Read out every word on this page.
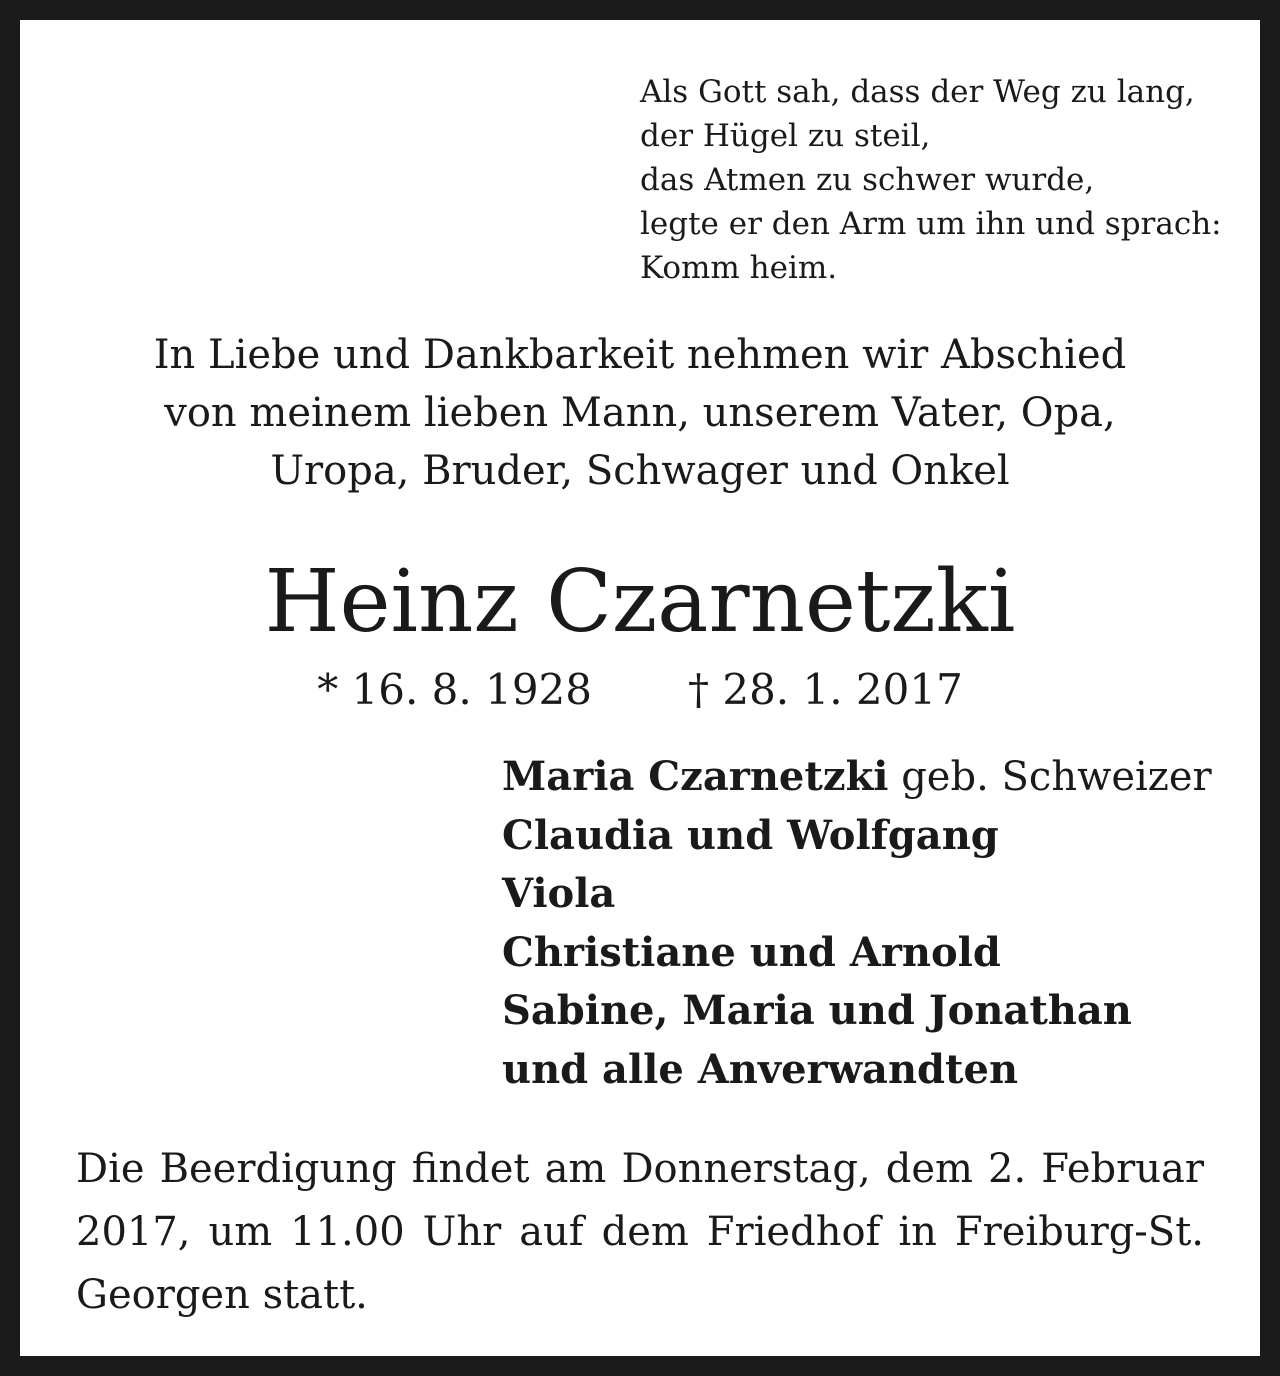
Als Gott sah, dass der Weg zu lang,
der Hügel zu steil,
das Atmen zu schwer wurde,
legte er den Arm um ihn und sprach:
Komm heim.
In Liebe und Dankbarkeit nehmen wir Abschied
von meinem lieben Mann, unserem Vater, Opa,
Uropa, Bruder, Schwager und Onkel
Heinz Czarnetzki
* 16. 8. 1928 † 28. 1. 2017
Maria Czarnetzki geb. Schweizer
Claudia und Wolfgang
Viola
Christiane und Arnold
Sabine, Maria und Jonathan
und alle Anverwandten
Die Beerdigung findet am Donnerstag, dem 2. Februar 2017, um 11.00 Uhr auf dem Friedhof in Freiburg-St. Georgen statt.
